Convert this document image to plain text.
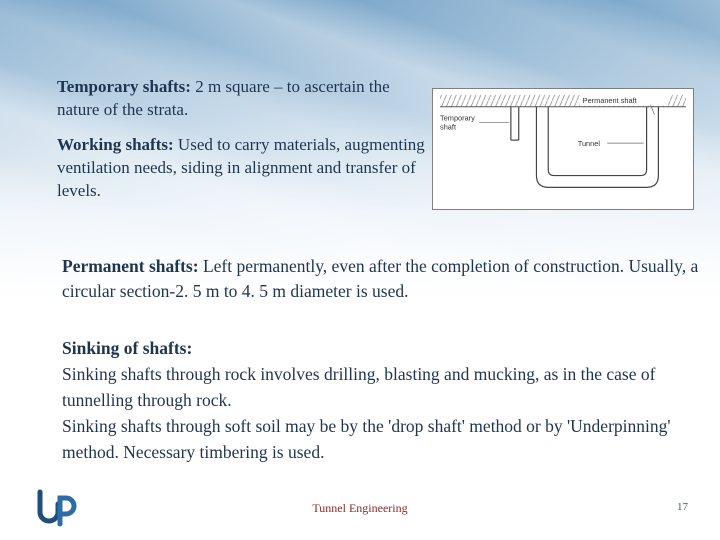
Temporary shafts: 2 m square – to ascertain the nature of the strata.
Working shafts: Used to carry materials, augmenting ventilation needs, siding in alignment and transfer of levels.
Temporary
shaft
Permanent shaft
Tunnel
Permanent shafts: Left permanently, even after the completion of construction. Usually, a circular section-2. 5 m to 4. 5 m diameter is used.

Sinking of shafts:

Sinking shafts through rock involves drilling, blasting and mucking, as in the case of tunnelling through rock.

Sinking shafts through soft soil may be by the 'drop shaft' method or by 'Underpinning' method. Necessary timbering is used.

Tunnel Engineering	17
